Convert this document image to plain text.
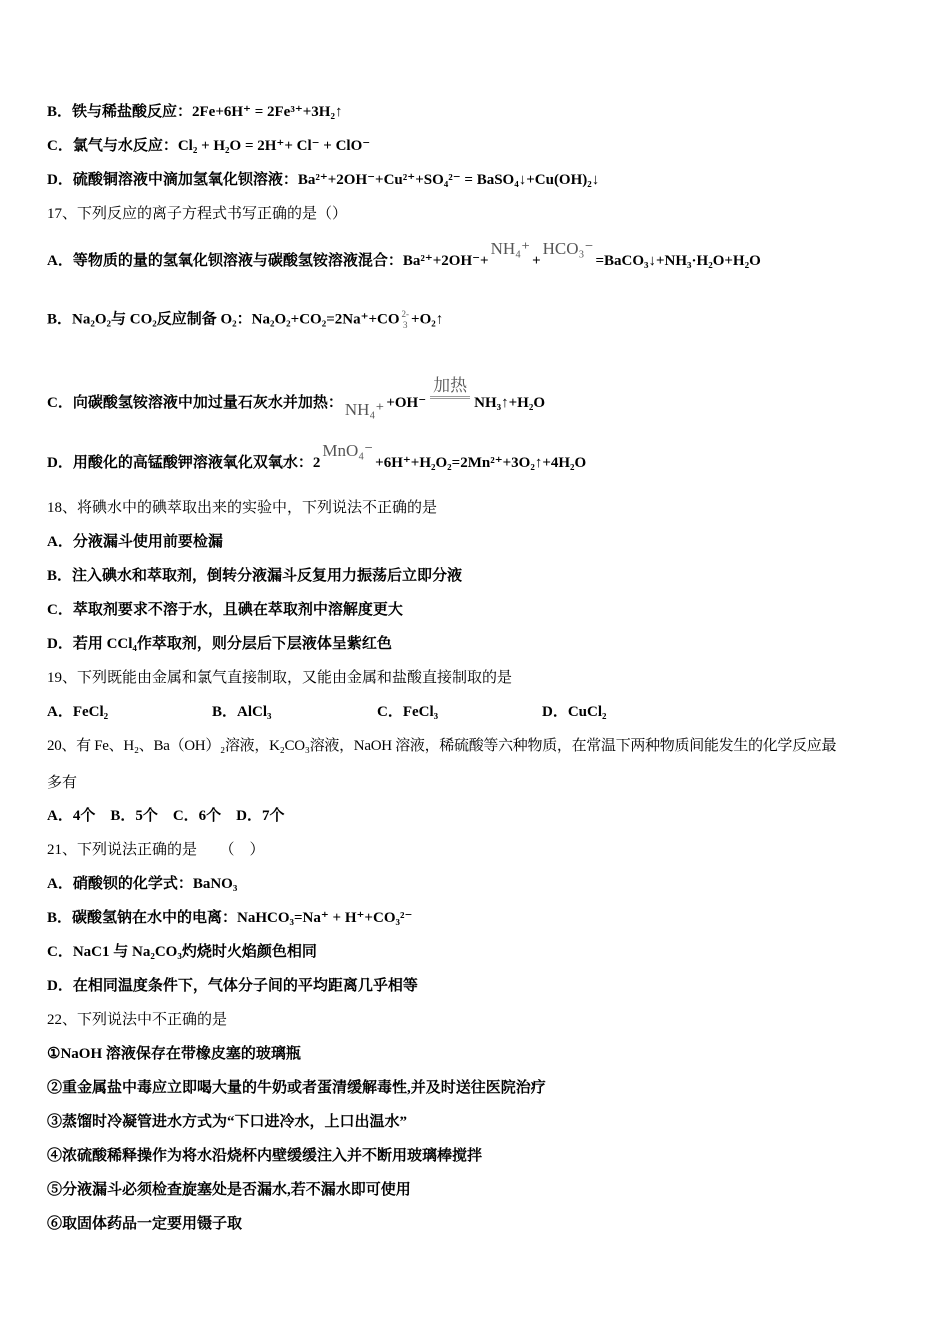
B．铁与稀盐酸反应：2Fe+6H⁺ = 2Fe³⁺+3H₂↑
C．氯气与水反应：Cl₂ + H₂O = 2H⁺+ Cl⁻ + ClO⁻
D．硫酸铜溶液中滴加氢氧化钡溶液：Ba²⁺+2OH⁻+Cu²⁺+SO₄²⁻ = BaSO₄↓+Cu(OH)₂↓
17、下列反应的离子方程式书写正确的是（）
A．等物质的量的氢氧化钡溶液与碳酸氢铵溶液混合：Ba²⁺+2OH⁻+NH₄⁺+HCO₃⁻=BaCO₃↓+NH₃·H₂O+H₂O
B．Na₂O₂与 CO₂反应制备 O₂：Na₂O₂+CO₂=2Na⁺+CO 2-
3 +O₂↑
C．向碳酸氢铵溶液中加过量石灰水并加热： NH₄⁺ +OH⁻
加热
NH₃↑+H₂O
D．用酸化的高锰酸钾溶液氧化双氧水：2MnO₄⁻+6H⁺+H₂O₂=2Mn²⁺+3O₂↑+4H₂O
18、将碘水中的碘萃取出来的实验中，下列说法不正确的是
A．分液漏斗使用前要检漏
B．注入碘水和萃取剂，倒转分液漏斗反复用力振荡后立即分液
C．萃取剂要求不溶于水，且碘在萃取剂中溶解度更大
D．若用 CCl₄作萃取剂，则分层后下层液体呈紫红色
19、下列既能由金属和氯气直接制取，又能由金属和盐酸直接制取的是
A．FeCl₂	B．AlCl₃	C．FeCl₃	D．CuCl₂
20、有 Fe、H₂、Ba（OH）₂溶液，K₂CO₃溶液，NaOH 溶液，稀硫酸等六种物质，在常温下两种物质间能发生的化学反应最
多有
A．4个　B．5个　C．6个　D．7个
21、下列说法正确的是　　（　）
A．硝酸钡的化学式：BaNO₃
B．碳酸氢钠在水中的电离：NaHCO₃=Na⁺ + H⁺+CO₃²⁻
C．NaC1 与 Na₂CO₃灼烧时火焰颜色相同
D．在相同温度条件下，气体分子间的平均距离几乎相等
22、下列说法中不正确的是
①NaOH 溶液保存在带橡皮塞的玻璃瓶
②重金属盐中毒应立即喝大量的牛奶或者蛋清缓解毒性,并及时送往医院治疗
③蒸馏时冷凝管进水方式为“下口进冷水，上口出温水”
④浓硫酸稀释操作为将水沿烧杯内壁缓缓注入并不断用玻璃棒搅拌
⑤分液漏斗必须检查旋塞处是否漏水,若不漏水即可使用
⑥取固体药品一定要用镊子取
